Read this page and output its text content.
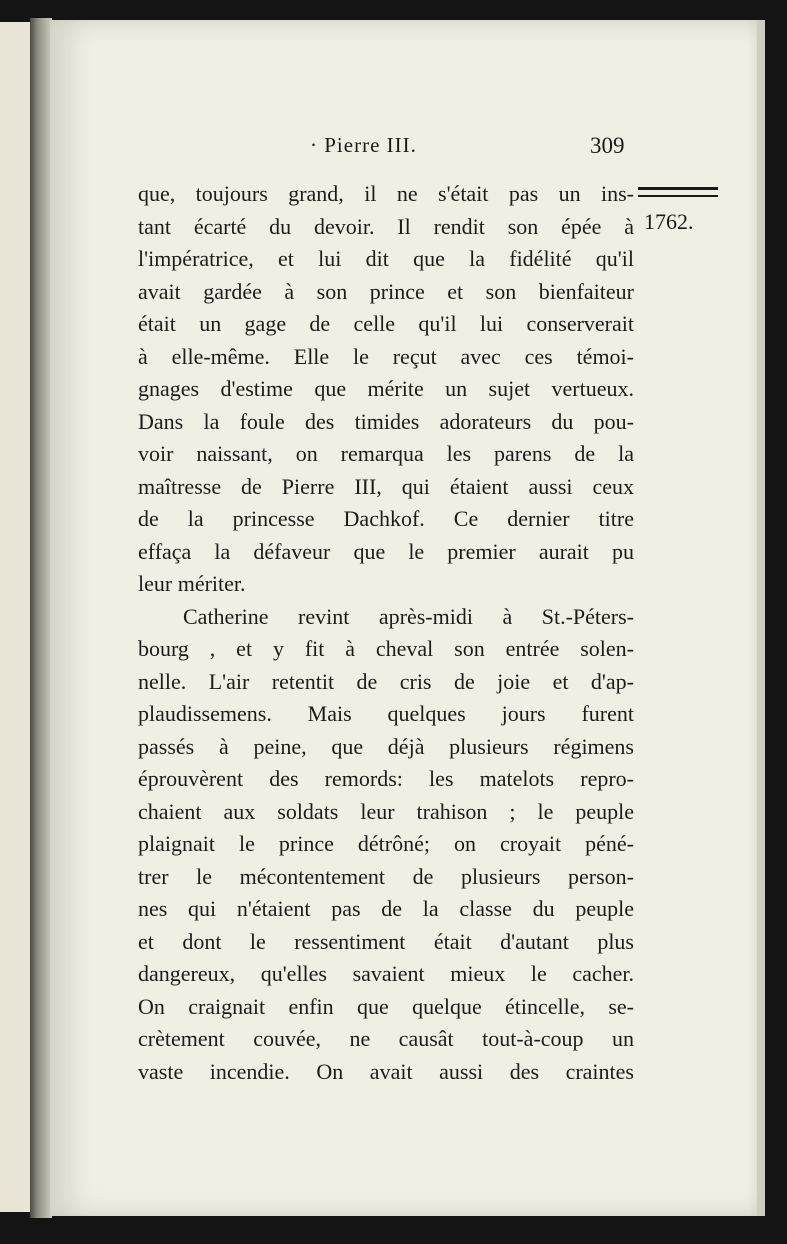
· Pierre III.	309
1762.
que, toujours grand, il ne s'était pas un ins-
tant écarté du devoir. Il rendit son épée à
l'impératrice, et lui dit que la fidélité qu'il
avait gardée à son prince et son bienfaiteur
était un gage de celle qu'il lui conserverait
à elle-même. Elle le reçut avec ces témoi-
gnages d'estime que mérite un sujet vertueux.
Dans la foule des timides adorateurs du pou-
voir naissant, on remarqua les parens de la
maîtresse de Pierre III, qui étaient aussi ceux
de la princesse Dachkof. Ce dernier titre
effaça la défaveur que le premier aurait pu
leur mériter.
Catherine revint après-midi à St.-Péters-
bourg , et y fit à cheval son entrée solen-
nelle. L'air retentit de cris de joie et d'ap-
plaudissemens. Mais quelques jours furent
passés à peine, que déjà plusieurs régimens
éprouvèrent des remords: les matelots repro-
chaient aux soldats leur trahison ; le peuple
plaignait le prince détrôné; on croyait péné-
trer le mécontentement de plusieurs person-
nes qui n'étaient pas de la classe du peuple
et dont le ressentiment était d'autant plus
dangereux, qu'elles savaient mieux le cacher.
On craignait enfin que quelque étincelle, se-
crètement couvée, ne causât tout-à-coup un
vaste incendie. On avait aussi des craintes
